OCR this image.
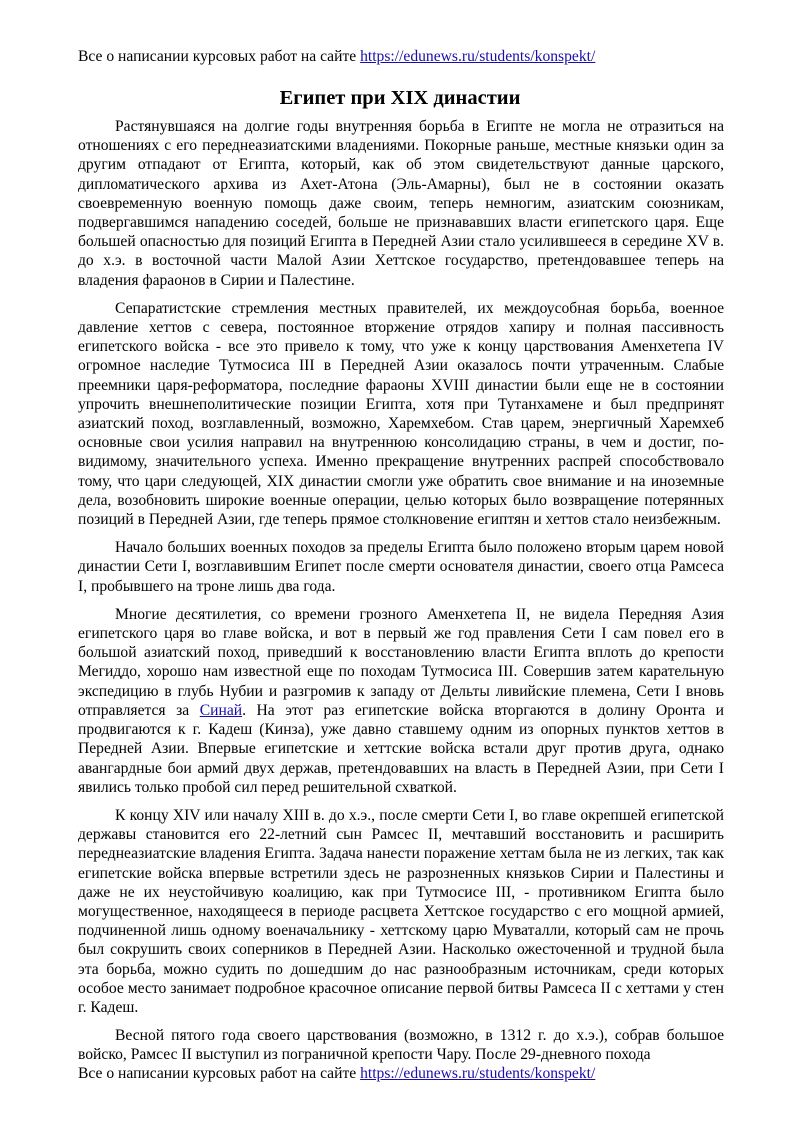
Все о написании курсовых работ на сайте https://edunews.ru/students/konspekt/
Египет при XIX династии

Растянувшаяся на долгие годы внутренняя борьба в Египте не могла не отразиться на отношениях с его переднеазиатскими владениями. Покорные раньше, местные князьки один за другим отпадают от Египта, который, как об этом свидетельствуют данные царского, дипломатического архива из Ахет-Атона (Эль-Амарны), был не в состоянии оказать своевременную военную помощь даже своим, теперь немногим, азиатским союзникам, подвергавшимся нападению соседей, больше не признававших власти египетского царя. Еще большей опасностью для позиций Египта в Передней Азии стало усилившееся в середине XV в. до х.э. в восточной части Малой Азии Хеттское государство, претендовавшее теперь на владения фараонов в Сирии и Палестине.

Сепаратистские стремления местных правителей, их междоусобная борьба, военное давление хеттов с севера, постоянное вторжение отрядов хапиру и полная пассивность египетского войска - все это привело к тому, что уже к концу царствования Аменхетепа IV огромное наследие Тутмосиса III в Передней Азии оказалось почти утраченным. Слабые преемники царя-реформатора, последние фараоны XVIII династии были еще не в состоянии упрочить внешнеполитические позиции Египта, хотя при Тутанхамене и был предпринят азиатский поход, возглавленный, возможно, Харемхебом. Став царем, энергичный Харемхеб основные свои усилия направил на внутреннюю консолидацию страны, в чем и достиг, по-видимому, значительного успеха. Именно прекращение внутренних распрей способствовало тому, что цари следующей, XIX династии смогли уже обратить свое внимание и на иноземные дела, возобновить широкие военные операции, целью которых было возвращение потерянных позиций в Передней Азии, где теперь прямое столкновение египтян и хеттов стало неизбежным.

Начало больших военных походов за пределы Египта было положено вторым царем новой династии Сети I, возглавившим Египет после смерти основателя династии, своего отца Рамсеса I, пробывшего на троне лишь два года.

Многие десятилетия, со времени грозного Аменхетепа II, не видела Передняя Азия египетского царя во главе войска, и вот в первый же год правления Сети I сам повел его в большой азиатский поход, приведший к восстановлению власти Египта вплоть до крепости Мегиддо, хорошо нам известной еще по походам Тутмосиса III. Совершив затем карательную экспедицию в глубь Нубии и разгромив к западу от Дельты ливийские племена, Сети I вновь отправляется за Синай. На этот раз египетские войска вторгаются в долину Оронта и продвигаются к г. Кадеш (Кинза), уже давно ставшему одним из опорных пунктов хеттов в Передней Азии. Впервые египетские и хеттские войска встали друг против друга, однако авангардные бои армий двух держав, претендовавших на власть в Передней Азии, при Сети I явились только пробой сил перед решительной схваткой.

К концу XIV или началу XIII в. до х.э., после смерти Сети I, во главе окрепшей египетской державы становится его 22-летний сын Рамсес II, мечтавший восстановить и расширить переднеазиатские владения Египта. Задача нанести поражение хеттам была не из легких, так как египетские войска впервые встретили здесь не разрозненных князьков Сирии и Палестины и даже не их неустойчивую коалицию, как при Тутмосисе III, - противником Египта было могущественное, находящееся в периоде расцвета Хеттское государство с его мощной армией, подчиненной лишь одному военачальнику - хеттскому царю Муваталли, который сам не прочь был сокрушить своих соперников в Передней Азии. Насколько ожесточенной и трудной была эта борьба, можно судить по дошедшим до нас разнообразным источникам, среди которых особое место занимает подробное красочное описание первой битвы Рамсеса II с хеттами у стен г. Кадеш.

Весной пятого года своего царствования (возможно, в 1312 г. до х.э.), собрав большое войско, Рамсес II выступил из пограничной крепости Чару. После 29-дневного похода

Все о написании курсовых работ на сайте https://edunews.ru/students/konspekt/
